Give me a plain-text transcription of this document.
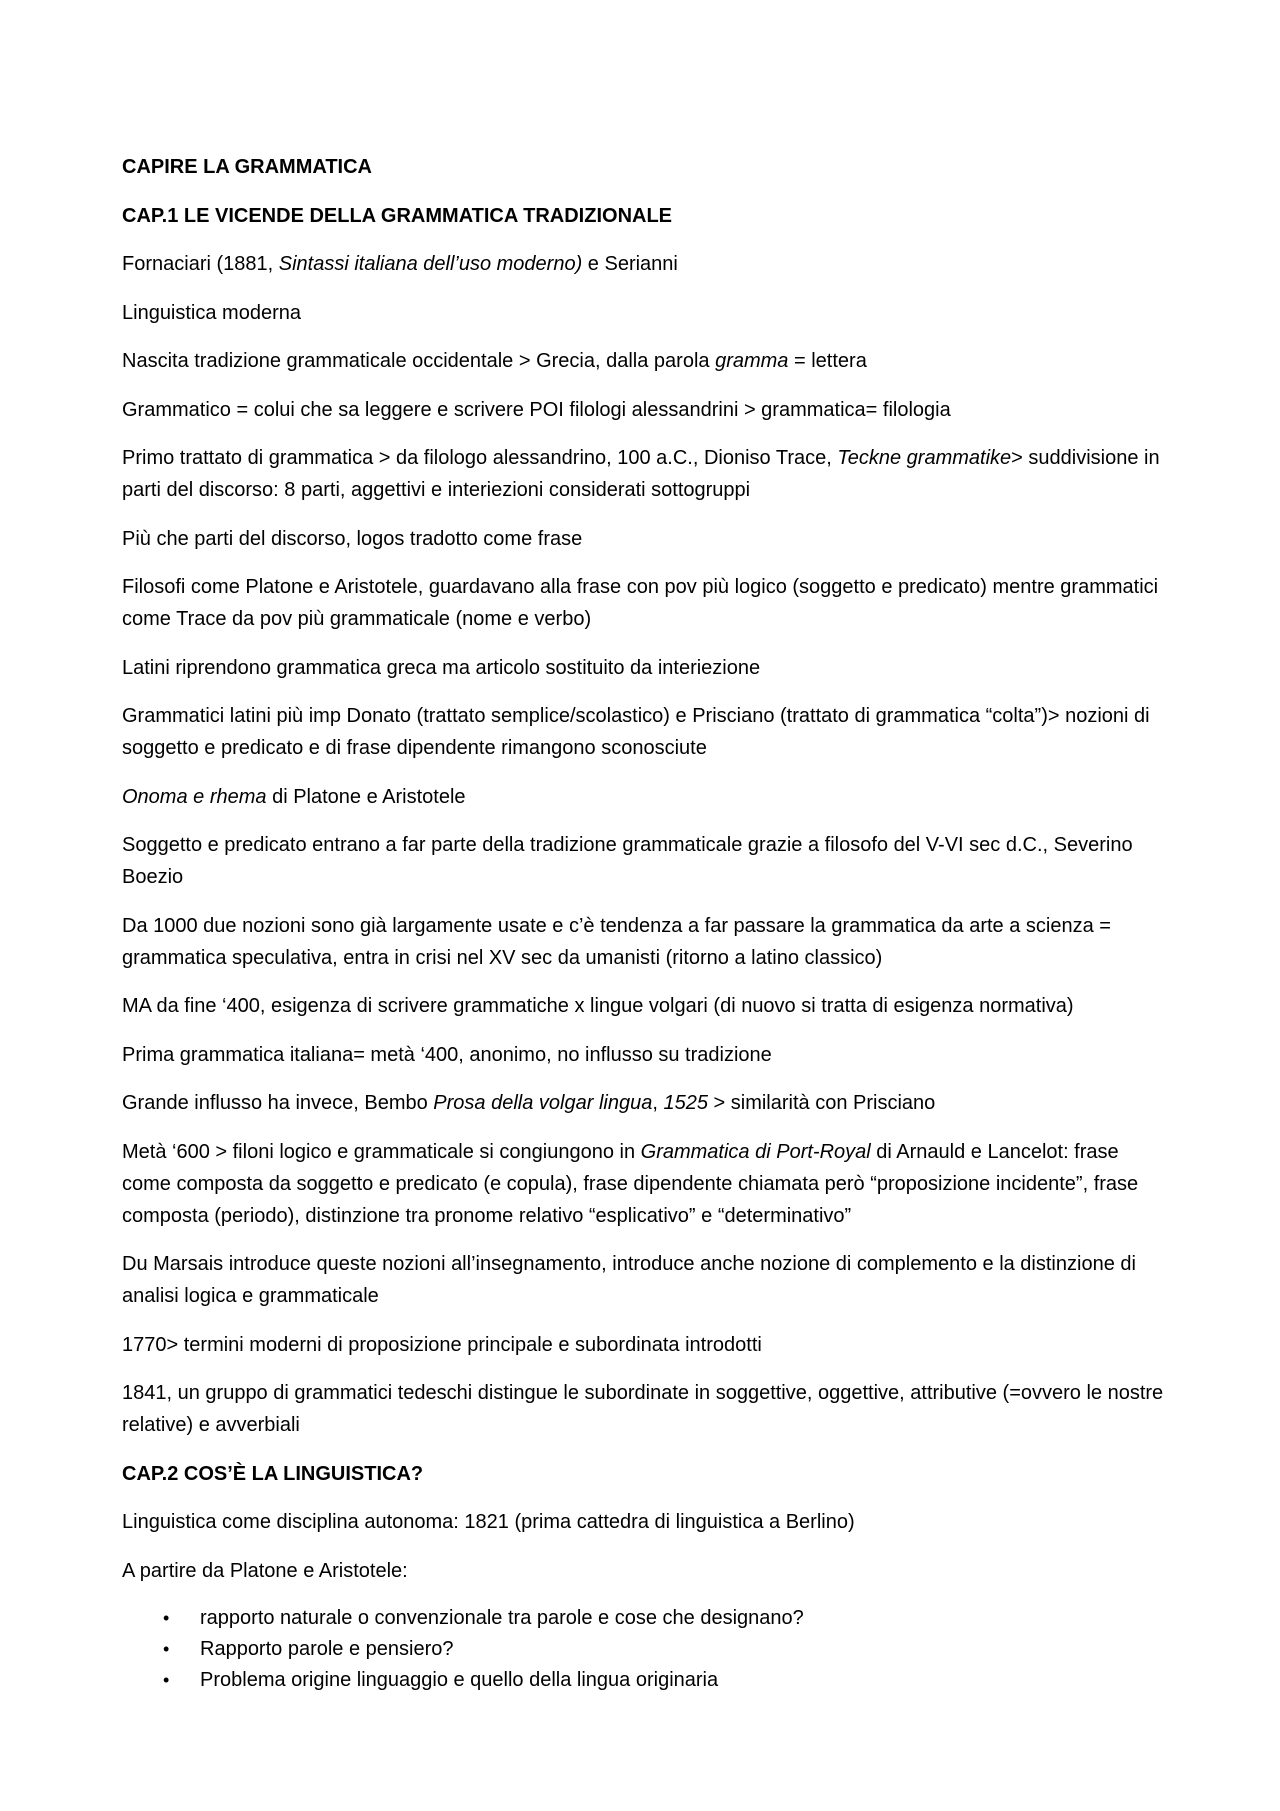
CAPIRE LA GRAMMATICA
CAP.1 LE VICENDE DELLA GRAMMATICA TRADIZIONALE

Fornaciari (1881, Sintassi italiana dell’uso moderno) e Serianni

Linguistica moderna

Nascita tradizione grammaticale occidentale > Grecia, dalla parola gramma = lettera

Grammatico = colui che sa leggere e scrivere POI filologi alessandrini > grammatica= filologia

Primo trattato di grammatica > da filologo alessandrino, 100 a.C., Dioniso Trace, Teckne grammatike> suddivisione in parti del discorso: 8 parti, aggettivi e interiezioni considerati sottogruppi

Più che parti del discorso, logos tradotto come frase

Filosofi come Platone e Aristotele, guardavano alla frase con pov più logico (soggetto e predicato) mentre grammatici come Trace da pov più grammaticale (nome e verbo)

Latini riprendono grammatica greca ma articolo sostituito da interiezione

Grammatici latini più imp Donato (trattato semplice/scolastico) e Prisciano (trattato di grammatica “colta”)> nozioni di soggetto e predicato e di frase dipendente rimangono sconosciute

Onoma e rhema di Platone e Aristotele

Soggetto e predicato entrano a far parte della tradizione grammaticale grazie a filosofo del V-VI sec d.C., Severino Boezio

Da 1000 due nozioni sono già largamente usate e c’è tendenza a far passare la grammatica da arte a scienza = grammatica speculativa, entra in crisi nel XV sec da umanisti (ritorno a latino classico)

MA da fine ‘400, esigenza di scrivere grammatiche x lingue volgari (di nuovo si tratta di esigenza normativa)

Prima grammatica italiana= metà ‘400, anonimo, no influsso su tradizione

Grande influsso ha invece, Bembo Prosa della volgar lingua, 1525 > similarità con Prisciano

Metà ‘600 > filoni logico e grammaticale si congiungono in Grammatica di Port-Royal di Arnauld e Lancelot: frase come composta da soggetto e predicato (e copula), frase dipendente chiamata però “proposizione incidente”, frase composta (periodo), distinzione tra pronome relativo “esplicativo” e “determinativo”

Du Marsais introduce queste nozioni all’insegnamento, introduce anche nozione di complemento e la distinzione di analisi logica e grammaticale

1770> termini moderni di proposizione principale e subordinata introdotti

1841, un gruppo di grammatici tedeschi distingue le subordinate in soggettive, oggettive, attributive (=ovvero le nostre relative) e avverbiali

CAP.2 COS’È LA LINGUISTICA?

Linguistica come disciplina autonoma: 1821 (prima cattedra di linguistica a Berlino)

A partire da Platone e Aristotele:

• rapporto naturale o convenzionale tra parole e cose che designano?
• Rapporto parole e pensiero?
• Problema origine linguaggio e quello della lingua originaria
